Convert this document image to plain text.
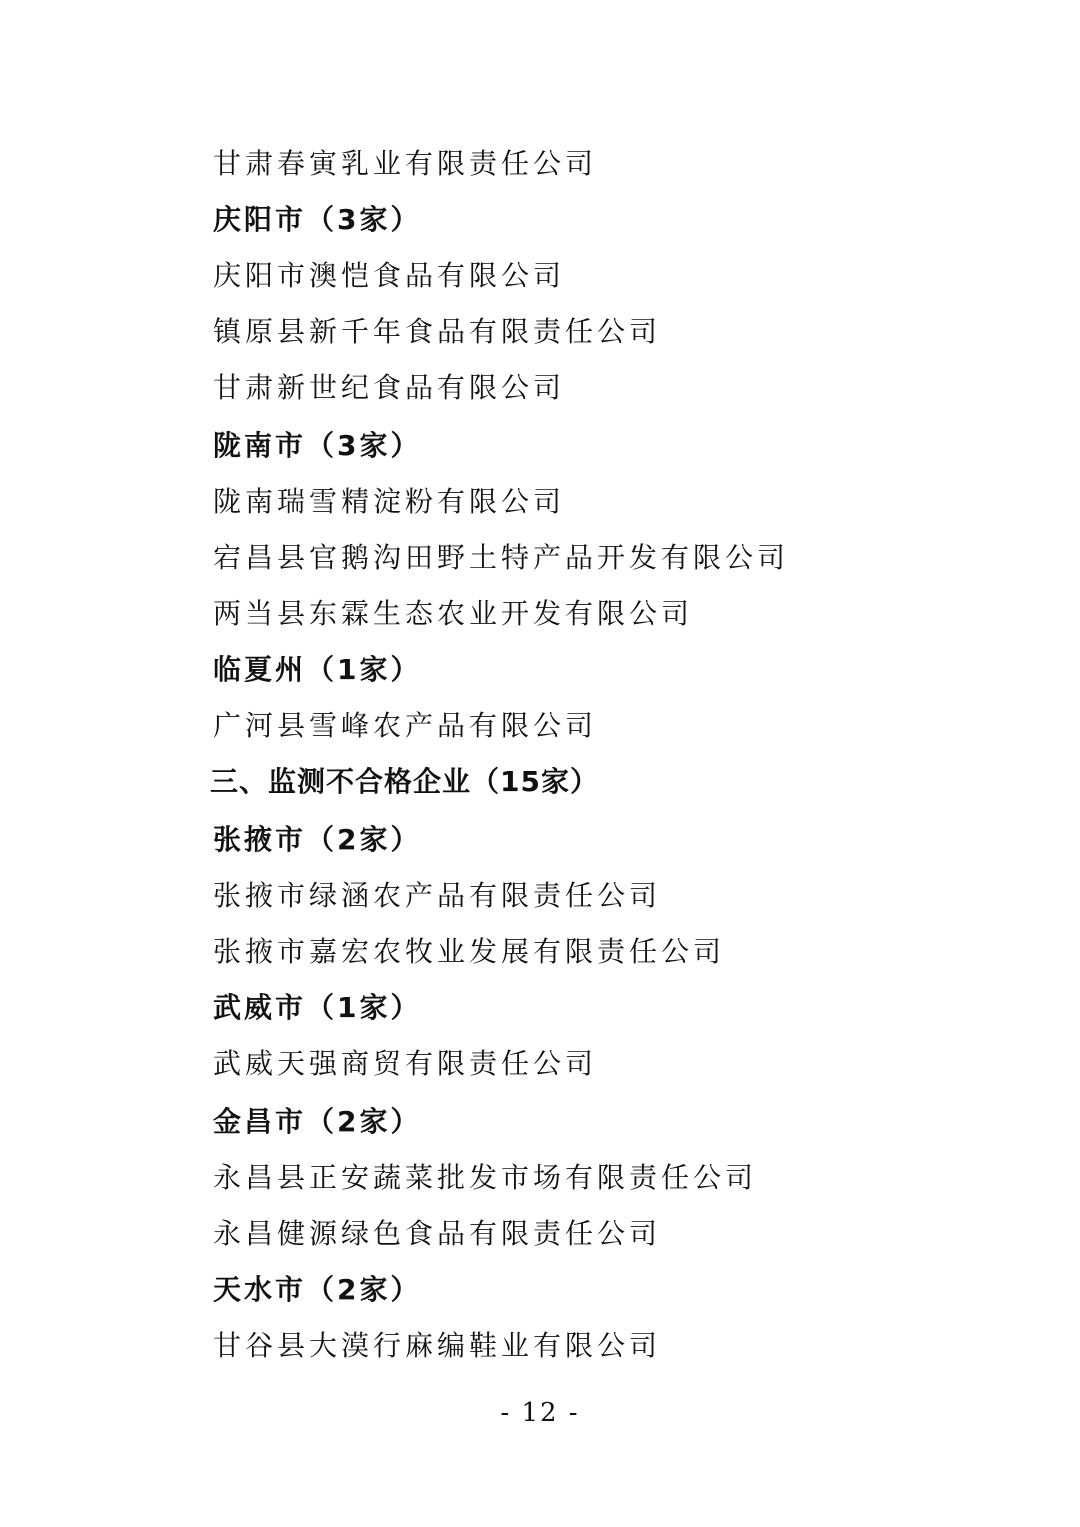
甘肃春寅乳业有限责任公司
庆阳市（3家）
庆阳市澳恺食品有限公司
镇原县新千年食品有限责任公司
甘肃新世纪食品有限公司
陇南市（3家）
陇南瑞雪精淀粉有限公司
宕昌县官鹅沟田野土特产品开发有限公司
两当县东霖生态农业开发有限公司
临夏州（1家）
广河县雪峰农产品有限公司
三、监测不合格企业（15家）
张掖市（2家）
张掖市绿涵农产品有限责任公司
张掖市嘉宏农牧业发展有限责任公司
武威市（1家）
武威天强商贸有限责任公司
金昌市（2家）
永昌县正安蔬菜批发市场有限责任公司
永昌健源绿色食品有限责任公司
天水市（2家）
甘谷县大漠行麻编鞋业有限公司
- 12 -
